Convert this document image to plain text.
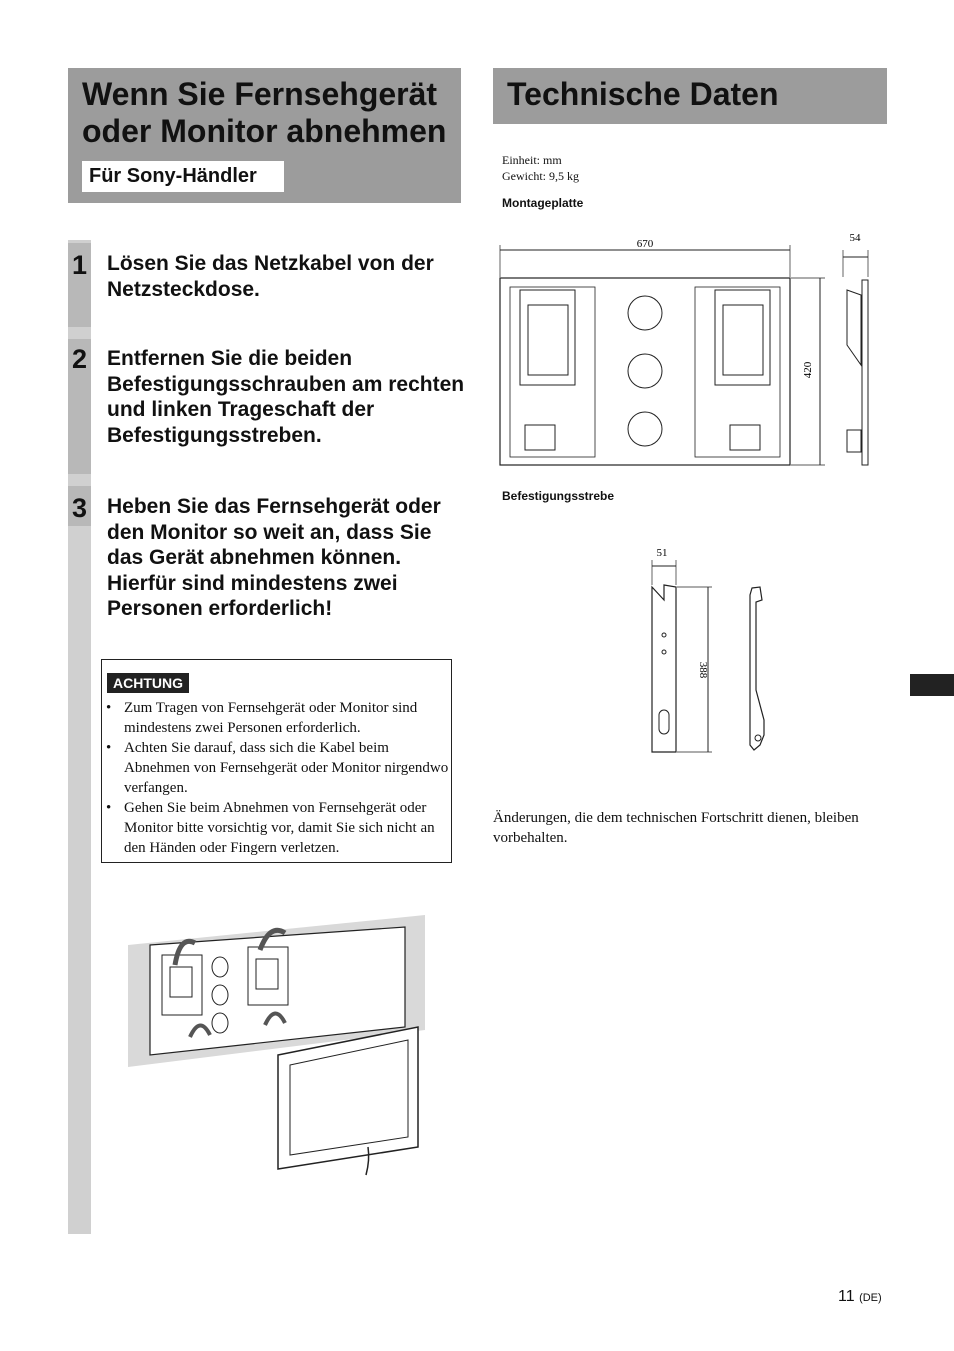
Wenn Sie Fernsehgerät oder Monitor abnehmen
Für Sony-Händler
1 Lösen Sie das Netzkabel von der Netzsteckdose.
2 Entfernen Sie die beiden Befestigungsschrauben am rechten und linken Trageschaft der Befestigungsstreben.
3 Heben Sie das Fernsehgerät oder den Monitor so weit an, dass Sie das Gerät abnehmen können. Hierfür sind mindestens zwei Personen erforderlich!
ACHTUNG
• Zum Tragen von Fernsehgerät oder Monitor sind mindestens zwei Personen erforderlich.
• Achten Sie darauf, dass sich die Kabel beim Abnehmen von Fernsehgerät oder Monitor nirgendwo verfangen.
• Gehen Sie beim Abnehmen von Fernsehgerät oder Monitor bitte vorsichtig vor, damit Sie sich nicht an den Händen oder Fingern verletzen.
Technische Daten
Einheit: mm
Gewicht: 9,5 kg
Montageplatte
670
420
54
Befestigungsstrebe
51
388
Änderungen, die dem technischen Fortschritt dienen, bleiben vorbehalten.
11 (DE)
